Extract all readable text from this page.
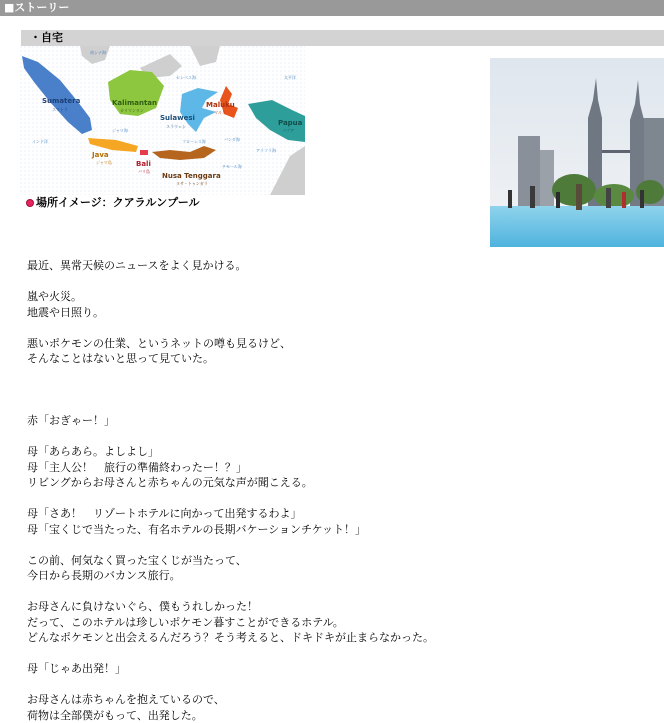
■ストーリー
・自宅
Sumatera
スマトラ
Kalimantan
カリマンタン
Sulawesi
スラウェシ
Maluku
マルク
Papua
パプア
Java
ジャワ島	Bali
バリ島
Nusa Tenggara
ヌサ・トゥンガラ
南シナ海
セレベス海	太平洋
ジャワ海
フローレス海	バンダ海
アラフラ海
チモール海
インド洋
場所イメージ：クアラルンプール
最近、異常天候のニュースをよく見かける。
嵐や火災。
地震や日照り。
悪いポケモンの仕業、というネットの噂も見るけど、
そんなことはないと思って見ていた。
赤「おぎゃー！」
母「あらあら。よしよし」
母「主人公！　旅行の準備終わったー！？」
リビングからお母さんと赤ちゃんの元気な声が聞こえる。
母「さあ！　リゾートホテルに向かって出発するわよ」
母「宝くじで当たった、有名ホテルの長期バケーションチケット！」
この前、何気なく買った宝くじが当たって、
今日から長期のバカンス旅行。
お母さんに負けないぐら、僕もうれしかった！
だって、このホテルは珍しいポケモン暮すことができるホテル。
どんなポケモンと出会えるんだろう？そう考えると、ドキドキが止まらなかった。
母「じゃあ出発！」
お母さんは赤ちゃんを抱えているので、
荷物は全部僕がもって、出発した。
